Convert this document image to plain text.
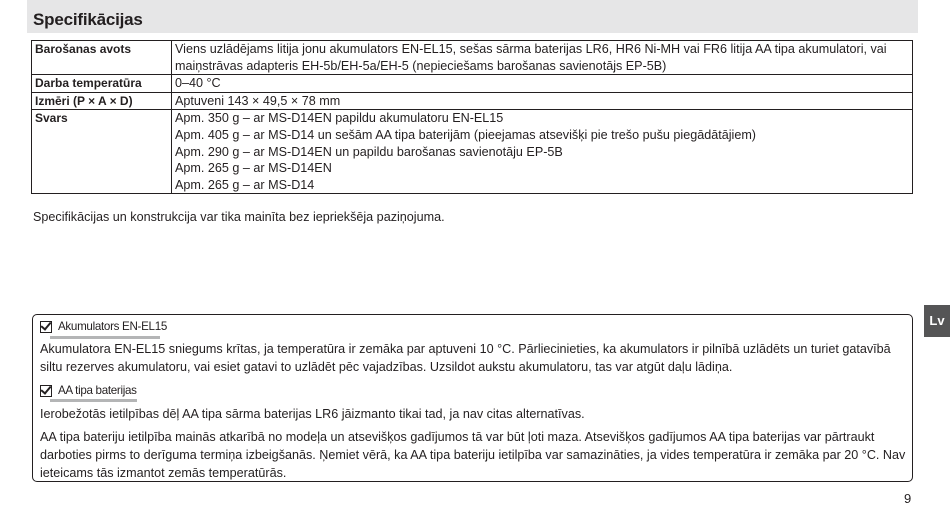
Specifikācijas
Barošanas avots	Viens uzlādējams litija jonu akumulators EN-EL15, sešas sārma baterijas LR6, HR6 Ni-MH vai FR6 litija AA tipa akumulatori, vai
maiņstrāvas adapteris EH-5b/EH-5a/EH-5 (nepieciešams barošanas savienotājs EP-5B)

Darba temperatūra	0–40 °C

Izmēri (P × A × D)	Aptuveni 143 × 49,5 × 78 mm

Svars	Apm. 350 g – ar MS-D14EN papildu akumulatoru EN-EL15
Apm. 405 g – ar MS-D14 un sešām AA tipa baterijām (pieejamas atsevišķi pie trešo pušu piegādātājiem)
Apm. 290 g – ar MS-D14EN un papildu barošanas savienotāju EP-5B
Apm. 265 g – ar MS-D14EN
Apm. 265 g – ar MS-D14
Specifikācijas un konstrukcija var tika mainīta bez iepriekšēja paziņojuma.
Lv
Akumulators EN-EL15

Akumulatora EN-EL15 sniegums krītas, ja temperatūra ir zemāka par aptuveni 10 °C. Pārliecinieties, ka akumulators ir pilnībā uzlādēts un turiet gatavībā siltu rezerves akumulatoru, vai esiet gatavi to uzlādēt pēc vajadzības. Uzsildot aukstu akumulatoru, tas var atgūt daļu lādiņa.

AA tipa baterijas

Ierobežotās ietilpības dēļ AA tipa sārma baterijas LR6 jāizmanto tikai tad, ja nav citas alternatīvas.

AA tipa bateriju ietilpība mainās atkarībā no modeļa un atsevišķos gadījumos tā var būt ļoti maza. Atsevišķos gadījumos AA tipa baterijas var pārtraukt darboties pirms to derīguma termiņa izbeigšanās. Ņemiet vērā, ka AA tipa bateriju ietilpība var samazināties, ja vides temperatūra ir zemāka par 20 °C. Nav ieteicams tās izmantot zemās temperatūrās.

9
